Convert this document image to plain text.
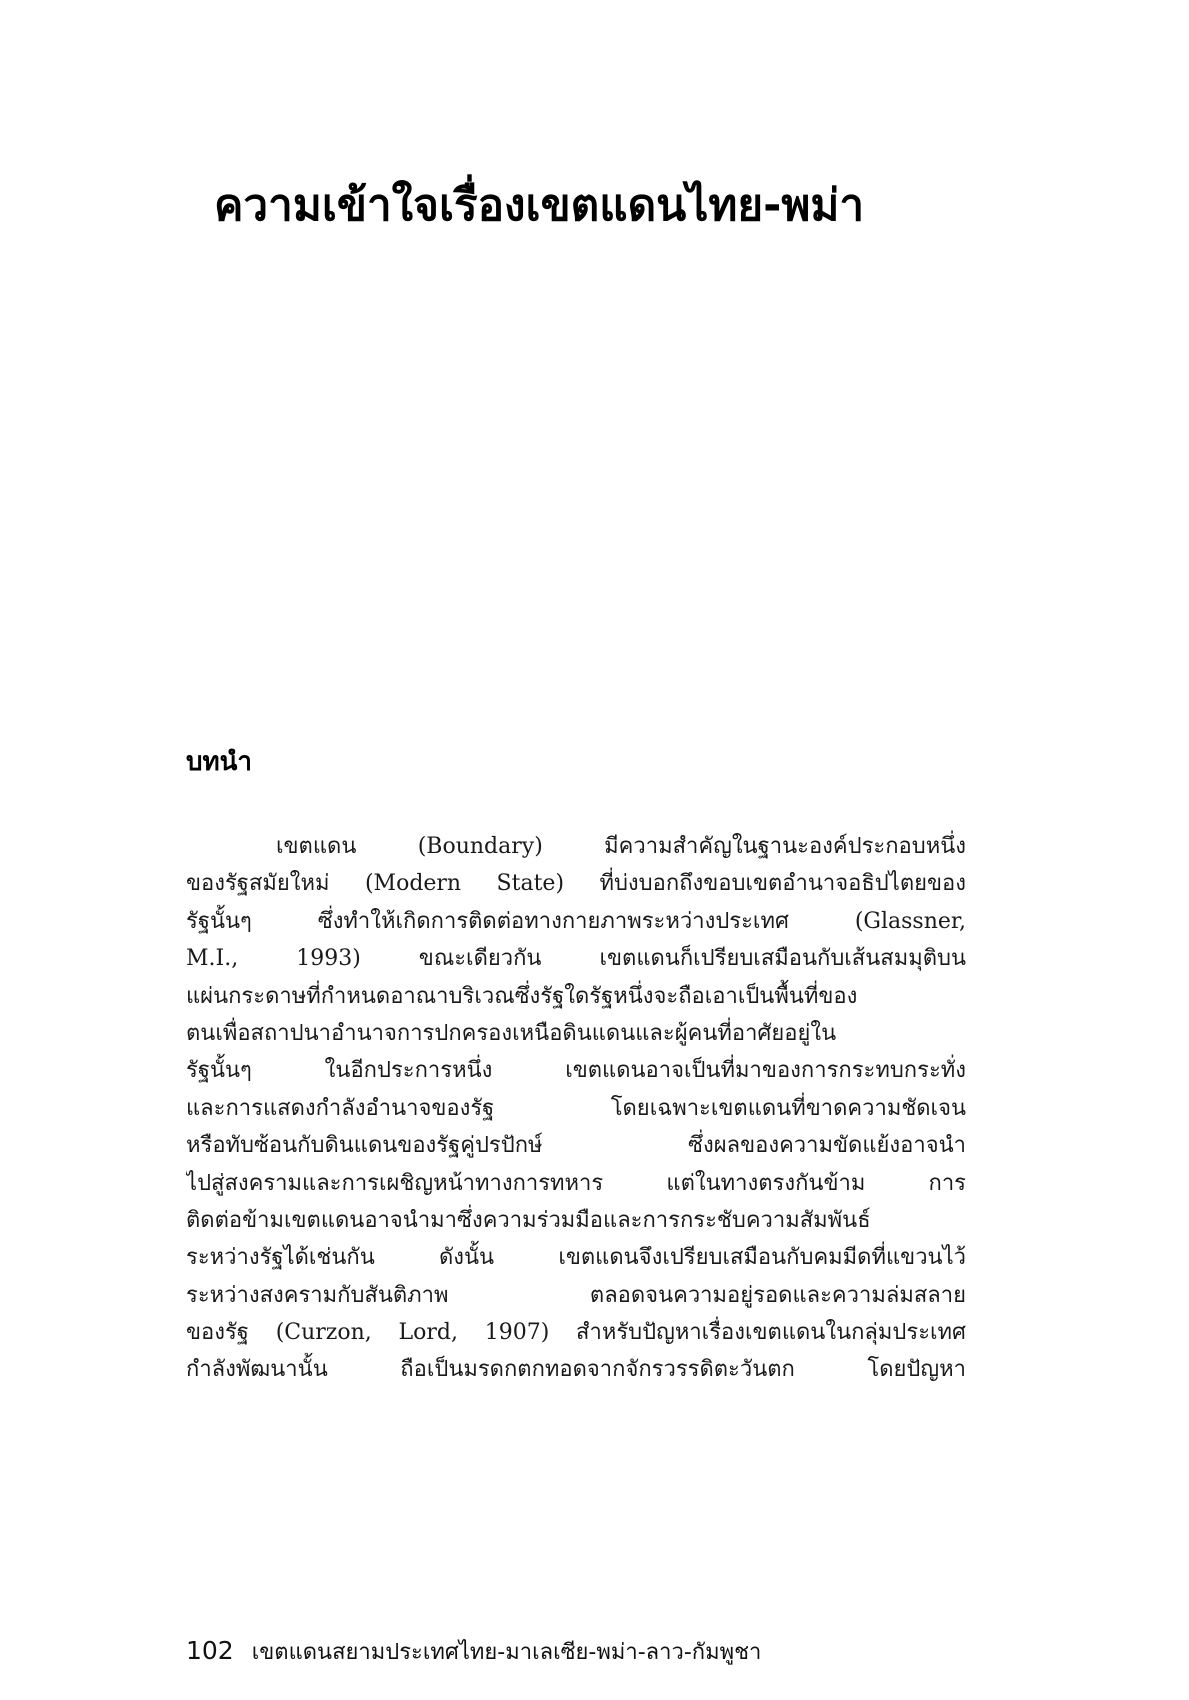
ความเข้าใจเรื่องเขตแดนไทย-พม่า
บทนำ
เขตแดน (Boundary) มีความสำคัญในฐานะองค์ประกอบหนึ่ง
ของรัฐสมัยใหม่ (Modern State) ที่บ่งบอกถึงขอบเขตอำนาจอธิปไตยของ
รัฐนั้นๆ ซึ่งทำให้เกิดการติดต่อทางกายภาพระหว่างประเทศ (Glassner,
M.I., 1993) ขณะเดียวกัน เขตแดนก็เปรียบเสมือนกับเส้นสมมุติบน
แผ่นกระดาษที่กำหนดอาณาบริเวณซึ่งรัฐใดรัฐหนึ่งจะถือเอาเป็นพื้นที่ของ
ตนเพื่อสถาปนาอำนาจการปกครองเหนือดินแดนและผู้คนที่อาศัยอยู่ใน
รัฐนั้นๆ ในอีกประการหนึ่ง เขตแดนอาจเป็นที่มาของการกระทบกระทั่ง
และการแสดงกำลังอำนาจของรัฐ โดยเฉพาะเขตแดนที่ขาดความชัดเจน
หรือทับซ้อนกับดินแดนของรัฐคู่ปรปักษ์ ซึ่งผลของความขัดแย้งอาจนำ
ไปสู่สงครามและการเผชิญหน้าทางการทหาร แต่ในทางตรงกันข้าม การ
ติดต่อข้ามเขตแดนอาจนำมาซึ่งความร่วมมือและการกระชับความสัมพันธ์
ระหว่างรัฐได้เช่นกัน ดังนั้น เขตแดนจึงเปรียบเสมือนกับคมมีดที่แขวนไว้
ระหว่างสงครามกับสันติภาพ ตลอดจนความอยู่รอดและความล่มสลาย
ของรัฐ (Curzon, Lord, 1907) สำหรับปัญหาเรื่องเขตแดนในกลุ่มประเทศ
กำลังพัฒนานั้น ถือเป็นมรดกตกทอดจากจักรวรรดิตะวันตก โดยปัญหา
102 เขตแดนสยามประเทศไทย-มาเลเซีย-พม่า-ลาว-กัมพูชา
